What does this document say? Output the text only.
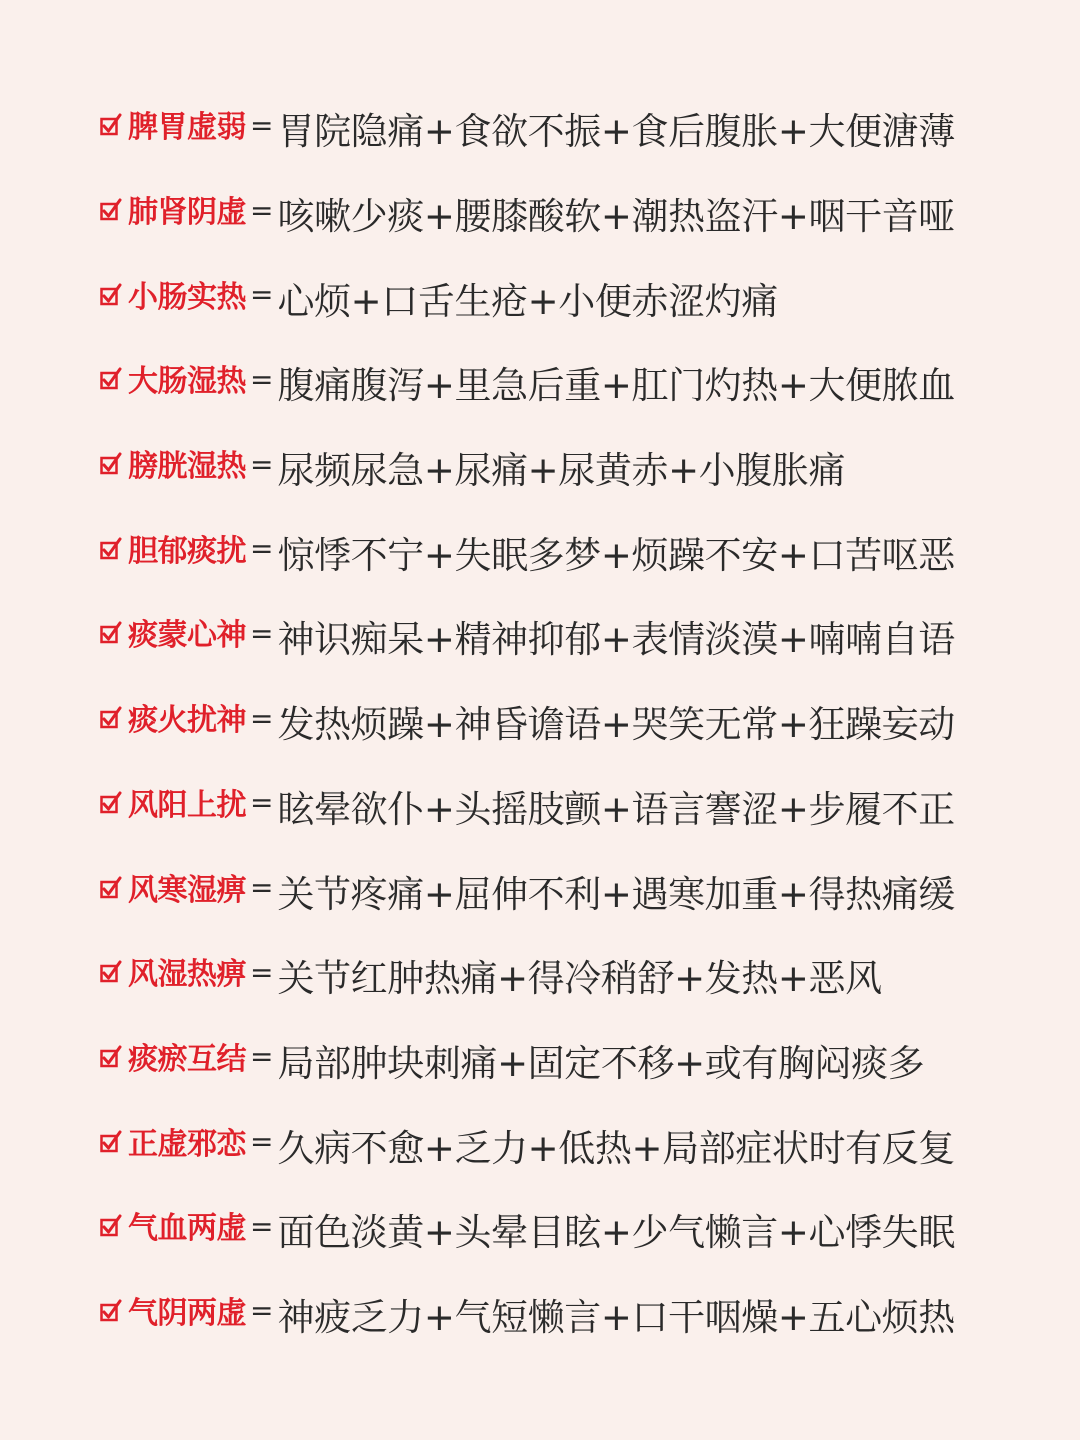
脾胃虚弱 = 胃院隐痛+食欲不振+食后腹胀+大便溏薄
肺肾阴虚 = 咳嗽少痰+腰膝酸软+潮热盗汗+咽干音哑
小肠实热 = 心烦+口舌生疮+小便赤涩灼痛
大肠湿热 = 腹痛腹泻+里急后重+肛门灼热+大便脓血
膀胱湿热 = 尿频尿急+尿痛+尿黄赤+小腹胀痛
胆郁痰扰 = 惊悸不宁+失眠多梦+烦躁不安+口苦呕恶
痰蒙心神 = 神识痴呆+精神抑郁+表情淡漠+喃喃自语
痰火扰神 = 发热烦躁+神昏谵语+哭笑无常+狂躁妄动
风阳上扰 = 眩晕欲仆+头摇肢颤+语言謇涩+步履不正
风寒湿痹 = 关节疼痛+屈伸不利+遇寒加重+得热痛缓
风湿热痹 = 关节红肿热痛+得冷稍舒+发热+恶风
痰瘀互结 = 局部肿块刺痛+固定不移+或有胸闷痰多
正虚邪恋 = 久病不愈+乏力+低热+局部症状时有反复
气血两虚 = 面色淡黄+头晕目眩+少气懒言+心悸失眠
气阴两虚 = 神疲乏力+气短懒言+口干咽燥+五心烦热
